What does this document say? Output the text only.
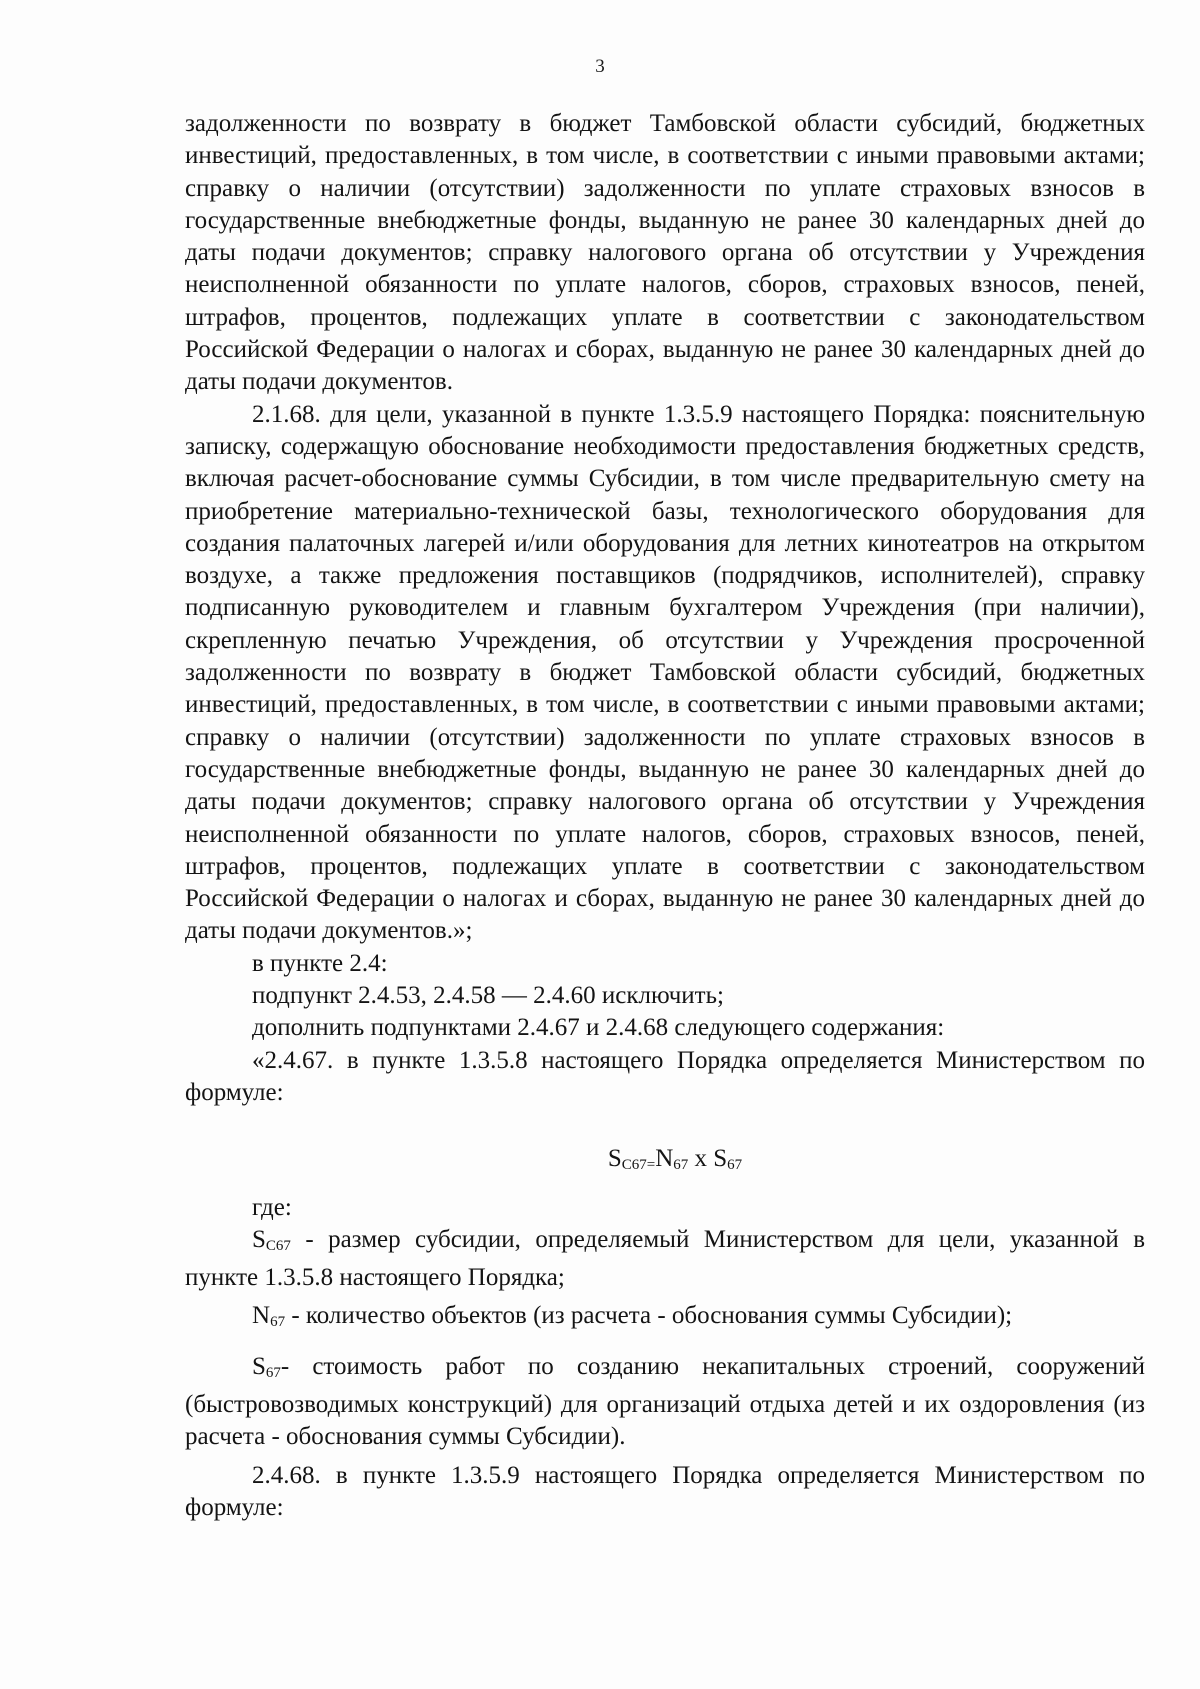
3

задолженности по возврату в бюджет Тамбовской области субсидий, бюджетных инвестиций, предоставленных, в том числе, в соответствии с иными правовыми актами; справку о наличии (отсутствии) задолженности по уплате страховых взносов в государственные внебюджетные фонды, выданную не ранее 30 календарных дней до даты подачи документов; справку налогового органа об отсутствии у Учреждения неисполненной обязанности по уплате налогов, сборов, страховых взносов, пеней, штрафов, процентов, подлежащих уплате в соответствии с законодательством Российской Федерации о налогах и сборах, выданную не ранее 30 календарных дней до даты подачи документов.

2.1.68. для цели, указанной в пункте 1.3.5.9 настоящего Порядка: пояснительную записку, содержащую обоснование необходимости предоставления бюджетных средств, включая расчет-обоснование суммы Субсидии, в том числе предварительную смету на приобретение материально-технической базы, технологического оборудования для создания палаточных лагерей и/или оборудования для летних кинотеатров на открытом воздухе, а также предложения поставщиков (подрядчиков, исполнителей), справку подписанную руководителем и главным бухгалтером Учреждения (при наличии), скрепленную печатью Учреждения, об отсутствии у Учреждения просроченной задолженности по возврату в бюджет Тамбовской области субсидий, бюджетных инвестиций, предоставленных, в том числе, в соответствии с иными правовыми актами; справку о наличии (отсутствии) задолженности по уплате страховых взносов в государственные внебюджетные фонды, выданную не ранее 30 календарных дней до даты подачи документов; справку налогового органа об отсутствии у Учреждения неисполненной обязанности по уплате налогов, сборов, страховых взносов, пеней, штрафов, процентов, подлежащих уплате в соответствии с законодательством Российской Федерации о налогах и сборах, выданную не ранее 30 календарных дней до даты подачи документов.»;

в пункте 2.4:

подпункт 2.4.53, 2.4.58 — 2.4.60 исключить;

дополнить подпунктами 2.4.67 и 2.4.68 следующего содержания:

«2.4.67. в пункте 1.3.5.8 настоящего Порядка определяется Министерством по формуле:

$S_{C67=}N_{67}$ x $S_{67}$

где:

$S_{C67}$ - размер субсидии, определяемый Министерством для цели, указанной в пункте 1.3.5.8 настоящего Порядка;

$N_{67}$ - количество объектов (из расчета - обоснования суммы Субсидии);

$S_{67}-$ стоимость работ по созданию некапитальных строений, сооружений (быстровозводимых конструкций) для организаций отдыха детей и их оздоровления (из расчета - обоснования суммы Субсидии).

2.4.68. в пункте 1.3.5.9 настоящего Порядка определяется Министерством по формуле:
